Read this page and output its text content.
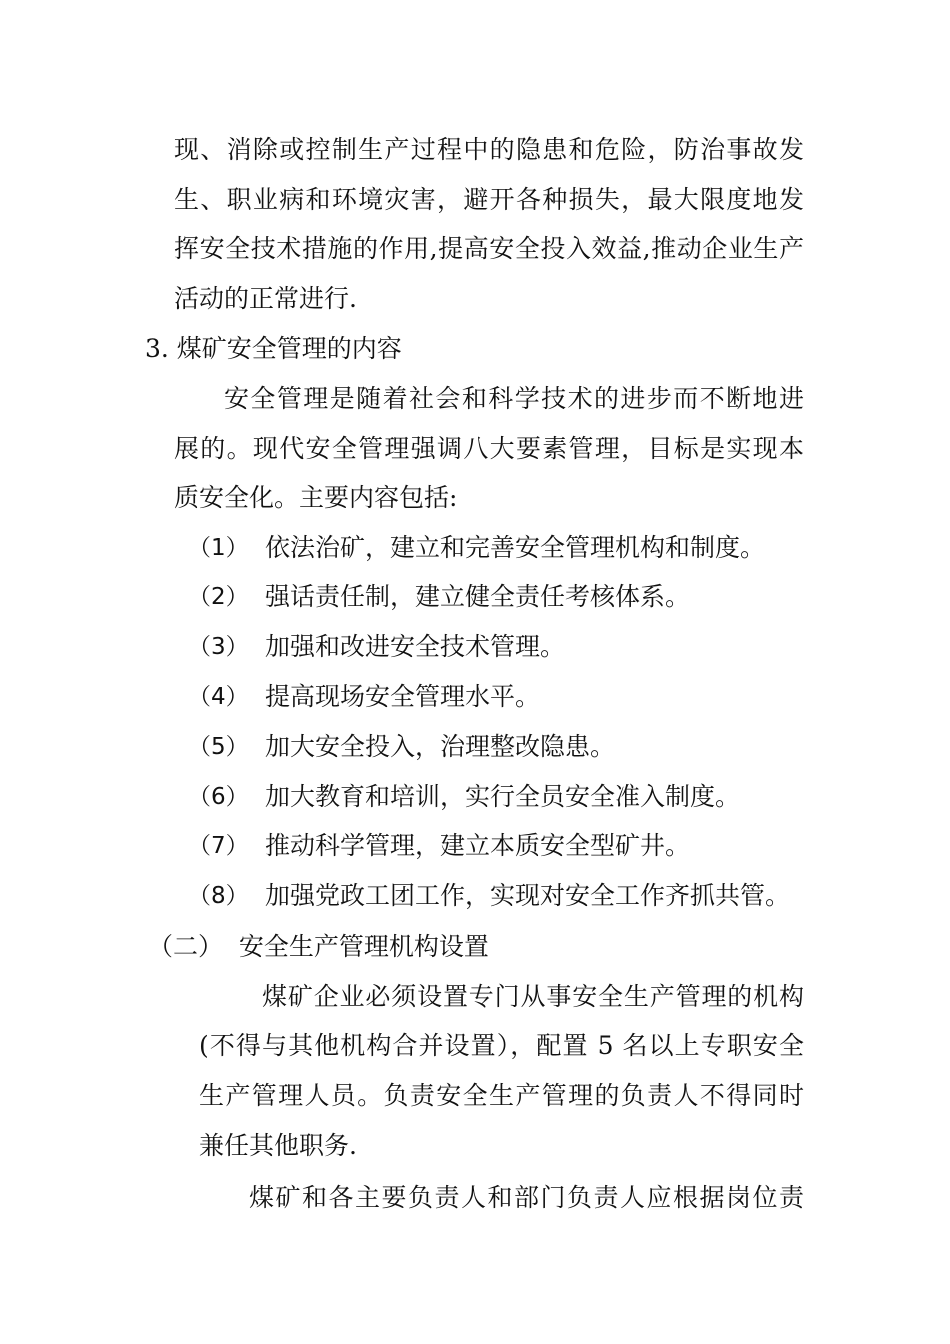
现、消除或控制生产过程中的隐患和危险，防治事故发
生、职业病和环境灾害，避开各种损失，最大限度地发
挥安全技术措施的作用,提高安全投入效益,推动企业生产
活动的正常进行.
3. 煤矿安全管理的内容
安全管理是随着社会和科学技术的进步而不断地进
展的。现代安全管理强调八大要素管理，目标是实现本
质安全化。主要内容包括:
（1） 依法治矿，建立和完善安全管理机构和制度。
（2） 强话责任制，建立健全责任考核体系。
（3） 加强和改进安全技术管理。
（4） 提高现场安全管理水平。
（5） 加大安全投入，治理整改隐患。
（6） 加大教育和培训，实行全员安全准入制度。
（7） 推动科学管理，建立本质安全型矿井。
（8） 加强党政工团工作，实现对安全工作齐抓共管。
（二）  安全生产管理机构设置
煤矿企业必须设置专门从事安全生产管理的机构
(不得与其他机构合并设置），配置 5 名以上专职安全
生产管理人员。负责安全生产管理的负责人不得同时
兼任其他职务.
煤矿和各主要负责人和部门负责人应根据岗位责
